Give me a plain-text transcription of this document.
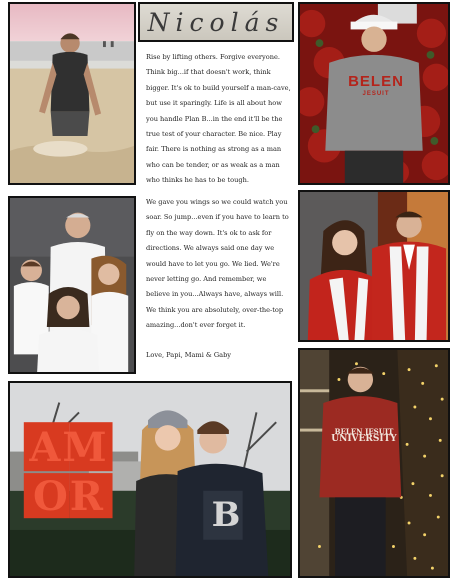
Nicolás
BELEN
JESUIT
AMOR	B
BELEN JESUIT
UNIVERSITY

Rise by lifting others. Forgive everyone. Think big...if that doesn't work, think bigger. It's ok to build yourself a man-cave, but use it sparingly. Life is all about how you handle Plan B...in the end it'll be the true test of your character. Be nice. Play fair. There is nothing as strong as a man who can be tender, or as weak as a man who thinks he has to be tough.

We gave you wings so we could watch you soar. So jump...even if you have to learn to fly on the way down. It's ok to ask for directions. We always said one day we would have to let you go. We lied. We're never letting go. And remember, we believe in you...Always have, always will. We think you are absolutely, over-the-top amazing...don't ever forget it.

Love, Papi, Mami & Gaby
